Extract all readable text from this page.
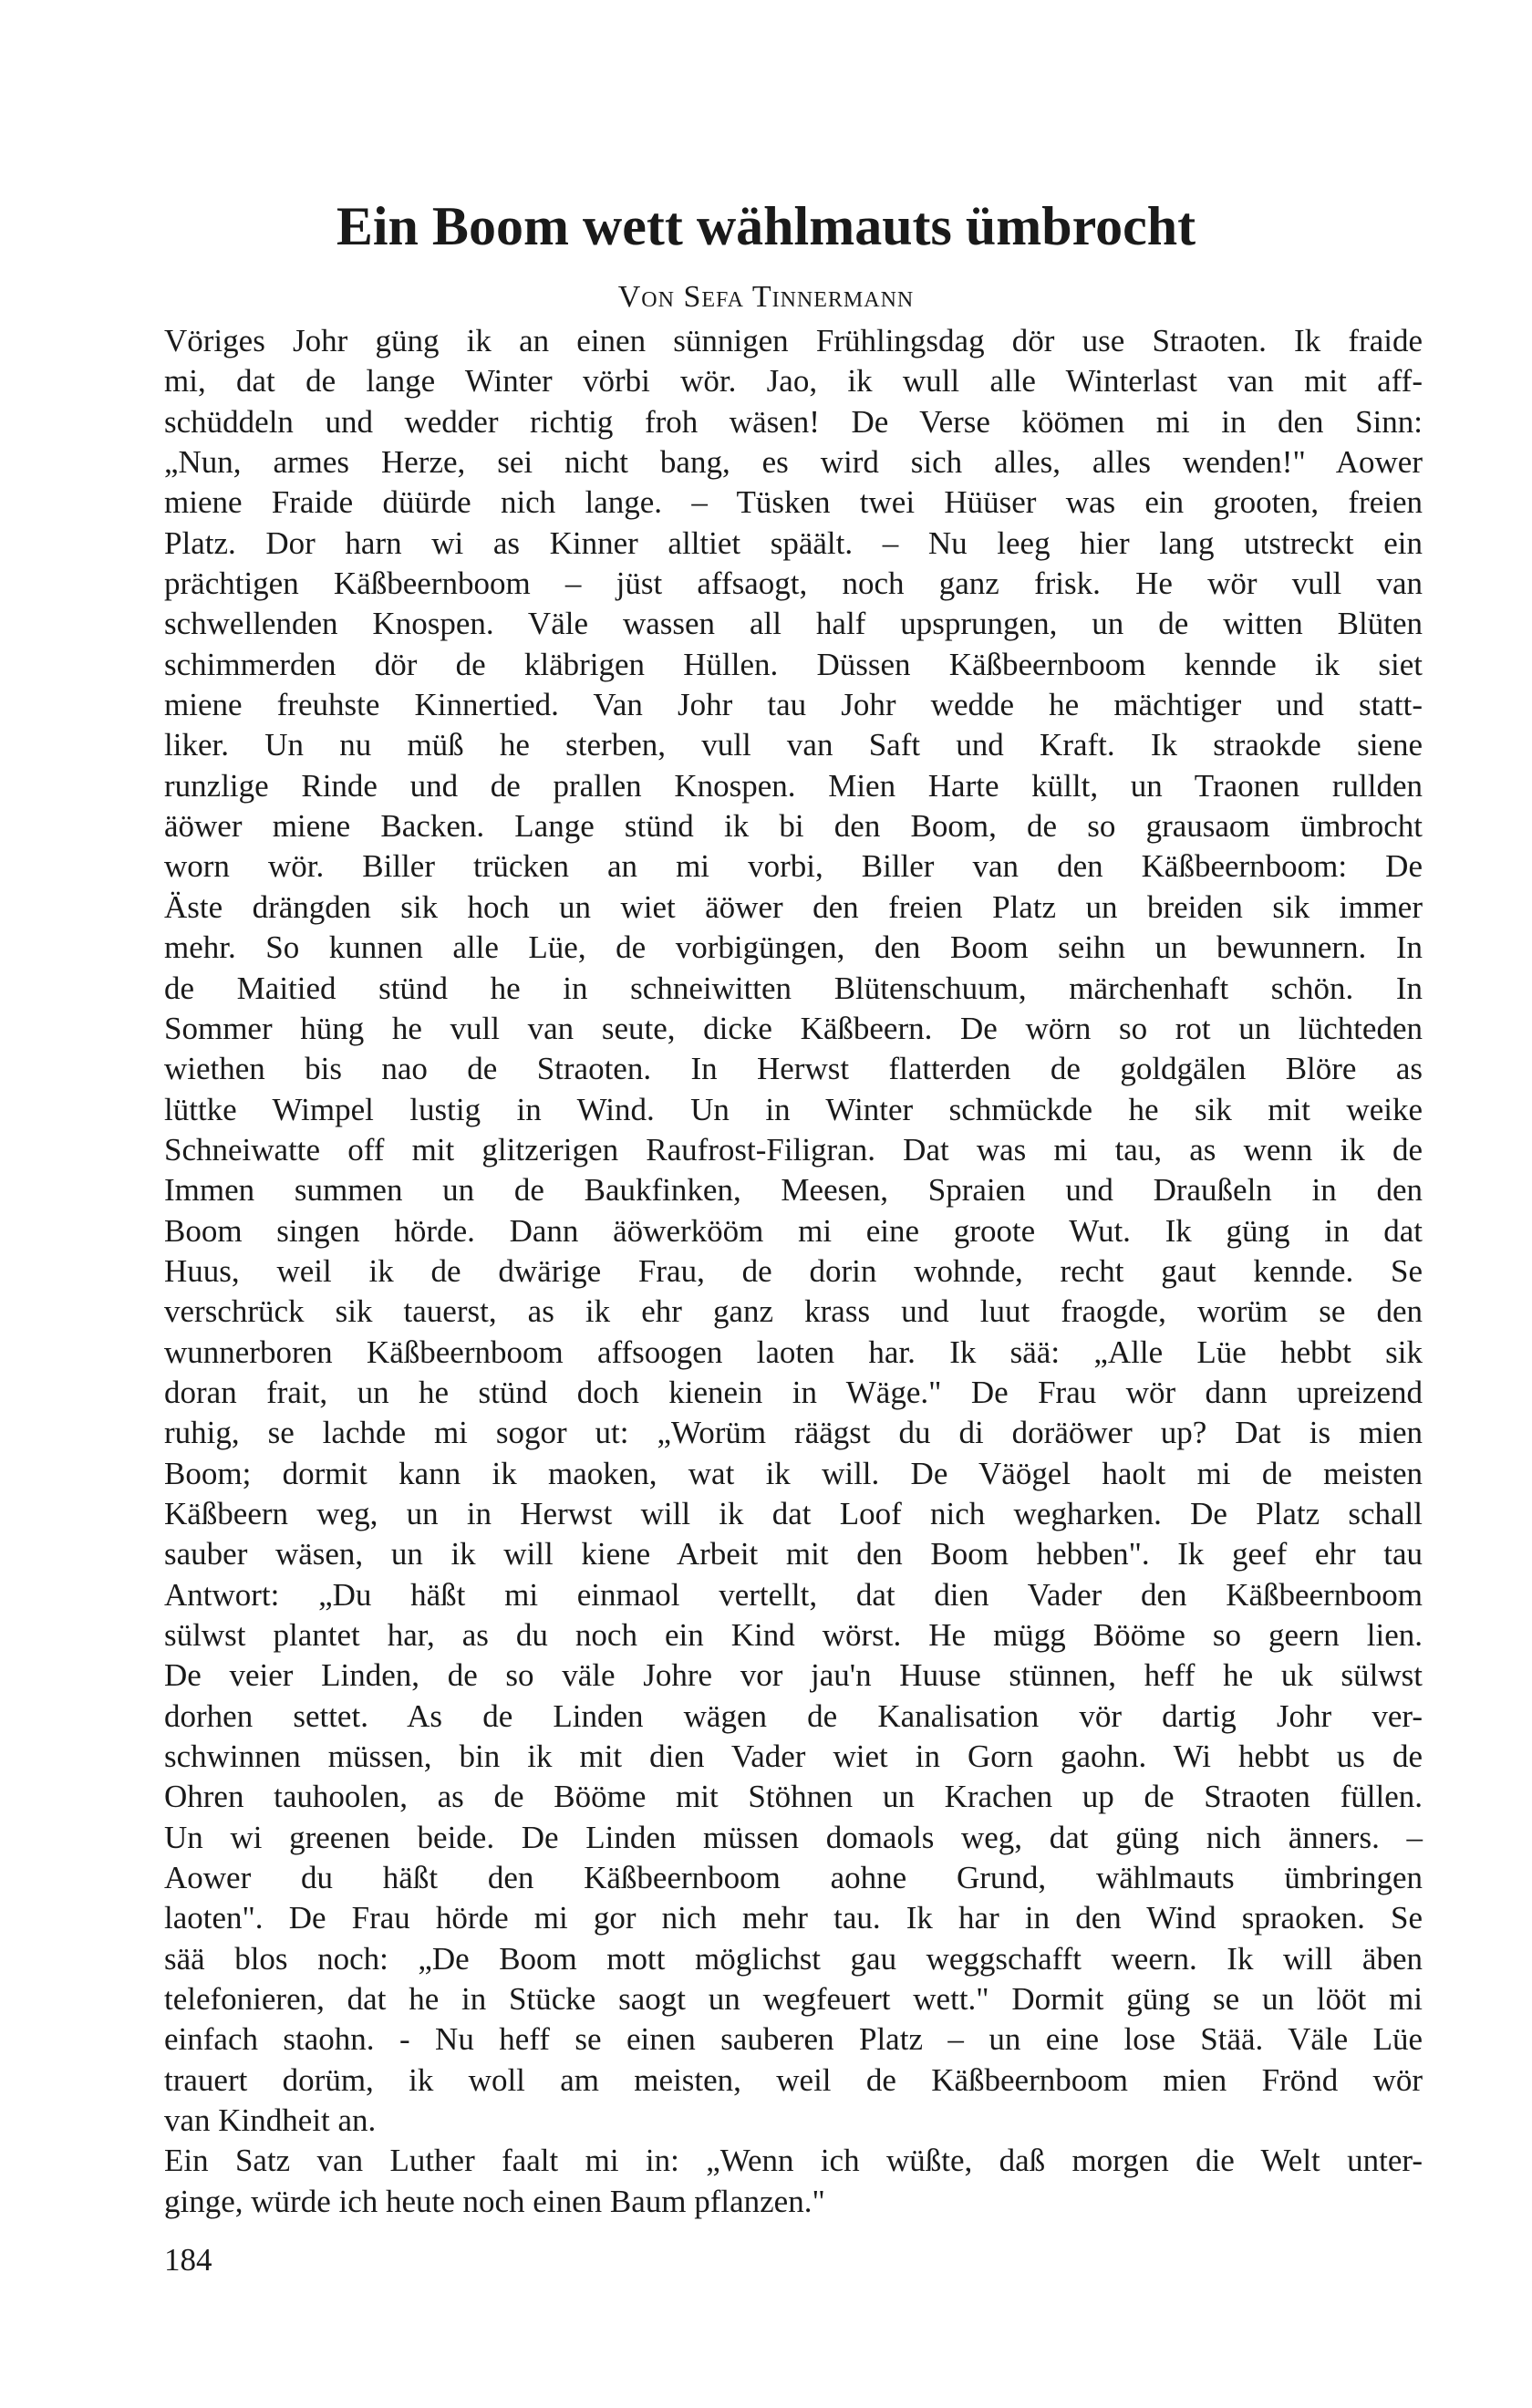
Ein Boom wett wählmauts ümbrocht
Von Sefa Tinnermann
Vöriges Johr güng ik an einen sünnigen Frühlingsdag dör use Straoten. Ik fraide
mi, dat de lange Winter vörbi wör. Jao, ik wull alle Winterlast van mit aff-
schüddeln und wedder richtig froh wäsen! De Verse köömen mi in den Sinn:
„Nun, armes Herze, sei nicht bang, es wird sich alles, alles wenden!" Aower
miene Fraide düürde nich lange. – Tüsken twei Hüüser was ein grooten, freien
Platz. Dor harn wi as Kinner alltiet späält. – Nu leeg hier lang utstreckt ein
prächtigen Käßbeernboom – jüst affsaogt, noch ganz frisk. He wör vull van
schwellenden Knospen. Väle wassen all half upsprungen, un de witten Blüten
schimmerden dör de kläbrigen Hüllen. Düssen Käßbeernboom kennde ik siet
miene freuhste Kinnertied. Van Johr tau Johr wedde he mächtiger und statt-
liker. Un nu müß he sterben, vull van Saft und Kraft. Ik straokde siene
runzlige Rinde und de prallen Knospen. Mien Harte küllt, un Traonen rullden
äöwer miene Backen. Lange stünd ik bi den Boom, de so grausaom ümbrocht
worn wör. Biller trücken an mi vorbi, Biller van den Käßbeernboom: De
Äste drängden sik hoch un wiet äöwer den freien Platz un breiden sik immer
mehr. So kunnen alle Lüe, de vorbigüngen, den Boom seihn un bewunnern. In
de Maitied stünd he in schneiwitten Blütenschuum, märchenhaft schön. In
Sommer hüng he vull van seute, dicke Käßbeern. De wörn so rot un lüchteden
wiethen bis nao de Straoten. In Herwst flatterden de goldgälen Blöre as
lüttke Wimpel lustig in Wind. Un in Winter schmückde he sik mit weike
Schneiwatte off mit glitzerigen Raufrost-Filigran. Dat was mi tau, as wenn ik de
Immen summen un de Baukfinken, Meesen, Spraien und Draußeln in den
Boom singen hörde. Dann äöwerkööm mi eine groote Wut. Ik güng in dat
Huus, weil ik de dwärige Frau, de dorin wohnde, recht gaut kennde. Se
verschrück sik tauerst, as ik ehr ganz krass und luut fraogde, worüm se den
wunnerboren Käßbeernboom affsoogen laoten har. Ik sää: „Alle Lüe hebbt sik
doran frait, un he stünd doch kienein in Wäge." De Frau wör dann upreizend
ruhig, se lachde mi sogor ut: „Worüm räägst du di doräöwer up? Dat is mien
Boom; dormit kann ik maoken, wat ik will. De Väögel haolt mi de meisten
Käßbeern weg, un in Herwst will ik dat Loof nich wegharken. De Platz schall
sauber wäsen, un ik will kiene Arbeit mit den Boom hebben". Ik geef ehr tau
Antwort: „Du häßt mi einmaol vertellt, dat dien Vader den Käßbeernboom
sülwst plantet har, as du noch ein Kind wörst. He mügg Bööme so geern lien.
De veier Linden, de so väle Johre vor jau'n Huuse stünnen, heff he uk sülwst
dorhen settet. As de Linden wägen de Kanalisation vör dartig Johr ver-
schwinnen müssen, bin ik mit dien Vader wiet in Gorn gaohn. Wi hebbt us de
Ohren tauhoolen, as de Bööme mit Stöhnen un Krachen up de Straoten füllen.
Un wi greenen beide. De Linden müssen domaols weg, dat güng nich änners. –
Aower du häßt den Käßbeernboom aohne Grund, wählmauts ümbringen
laoten". De Frau hörde mi gor nich mehr tau. Ik har in den Wind spraoken. Se
sää blos noch: „De Boom mott möglichst gau weggschafft weern. Ik will äben
telefonieren, dat he in Stücke saogt un wegfeuert wett." Dormit güng se un lööt mi
einfach staohn. - Nu heff se einen sauberen Platz – un eine lose Stää. Väle Lüe
trauert dorüm, ik woll am meisten, weil de Käßbeernboom mien Frönd wör
van Kindheit an.
Ein Satz van Luther faalt mi in: „Wenn ich wüßte, daß morgen die Welt unter-
ginge, würde ich heute noch einen Baum pflanzen."
184
